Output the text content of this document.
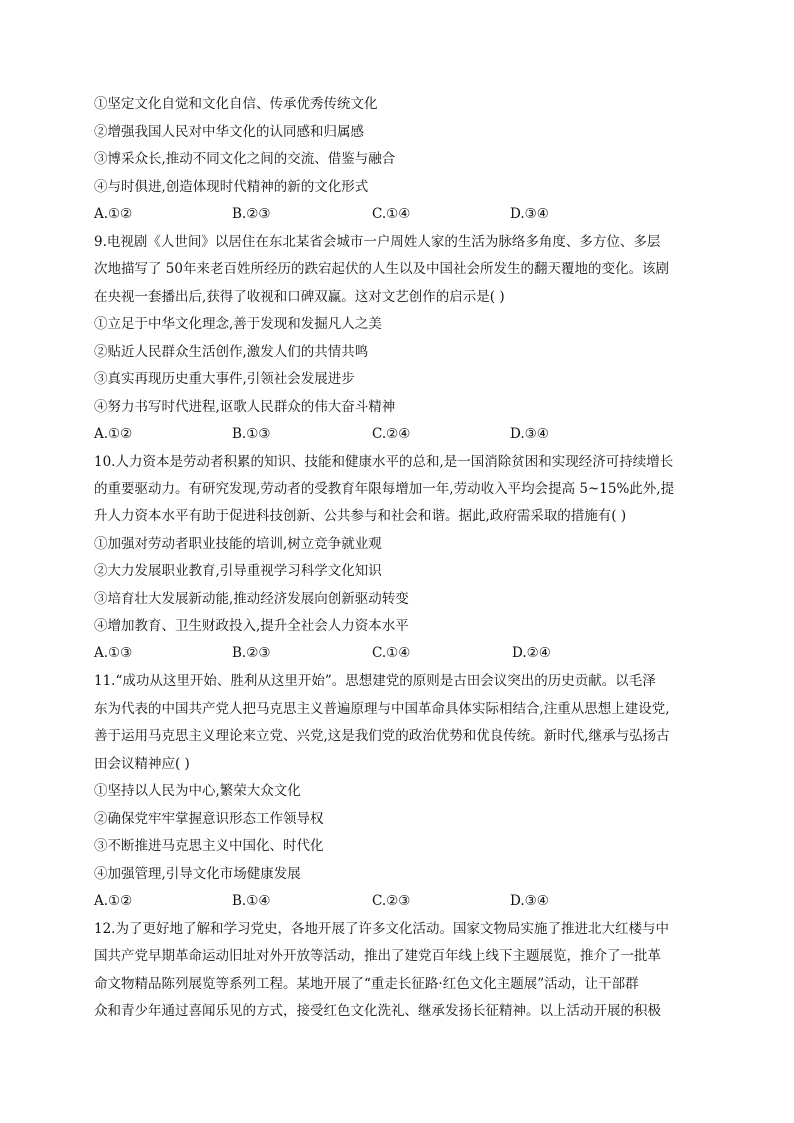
①坚定文化自觉和文化自信、传承优秀传统文化
②增强我国人民对中华文化的认同感和归属感
③博采众长,推动不同文化之间的交流、借鉴与融合
④与时俱进,创造体现时代精神的新的文化形式
A.①②	B.②③	C.①④	D.③④
9.电视剧《人世间》以居住在东北某省会城市一户周姓人家的生活为脉络多角度、多方位、多层
次地描写了 50年来老百姓所经历的跌宕起伏的人生以及中国社会所发生的翻天覆地的变化。该剧
在央视一套播出后,获得了收视和口碑双赢。这对文艺创作的启示是( )
①立足于中华文化理念,善于发现和发掘凡人之美
②贴近人民群众生活创作,激发人们的共情共鸣
③真实再现历史重大事件,引领社会发展进步
④努力书写时代进程,讴歌人民群众的伟大奋斗精神
A.①②	B.①③	C.②④	D.③④
10.人力资本是劳动者积累的知识、技能和健康水平的总和,是一国消除贫困和实现经济可持续增长
的重要驱动力。有研究发现,劳动者的受教育年限每增加一年,劳动收入平均会提高 5~15%此外,提
升人力资本水平有助于促进科技创新、公共参与和社会和谐。据此,政府需采取的措施有( )
①加强对劳动者职业技能的培训,树立竞争就业观
②大力发展职业教育,引导重视学习科学文化知识
③培育壮大发展新动能,推动经济发展向创新驱动转变
④增加教育、卫生财政投入,提升全社会人力资本水平
A.①③	B.②③	C.①④	D.②④
11.“成功从这里开始、胜利从这里开始”。思想建党的原则是古田会议突出的历史贡献。以毛泽
东为代表的中国共产党人把马克思主义普遍原理与中国革命具体实际相结合,注重从思想上建设党,
善于运用马克思主义理论来立党、兴党,这是我们党的政治优势和优良传统。新时代,继承与弘扬古
田会议精神应( )
①坚持以人民为中心,繁荣大众文化
②确保党牢牢掌握意识形态工作领导权
③不断推进马克思主义中国化、时代化
④加强管理,引导文化市场健康发展
A.①②	B.①④	C.②③	D.③④
12.为了更好地了解和学习党史，各地开展了许多文化活动。国家文物局实施了推进北大红楼与中
国共产党早期革命运动旧址对外开放等活动，推出了建党百年线上线下主题展览，推介了一批革
命文物精品陈列展览等系列工程。某地开展了“重走长征路·红色文化主题展”活动，让干部群
众和青少年通过喜闻乐见的方式，接受红色文化洗礼、继承发扬长征精神。以上活动开展的积极
